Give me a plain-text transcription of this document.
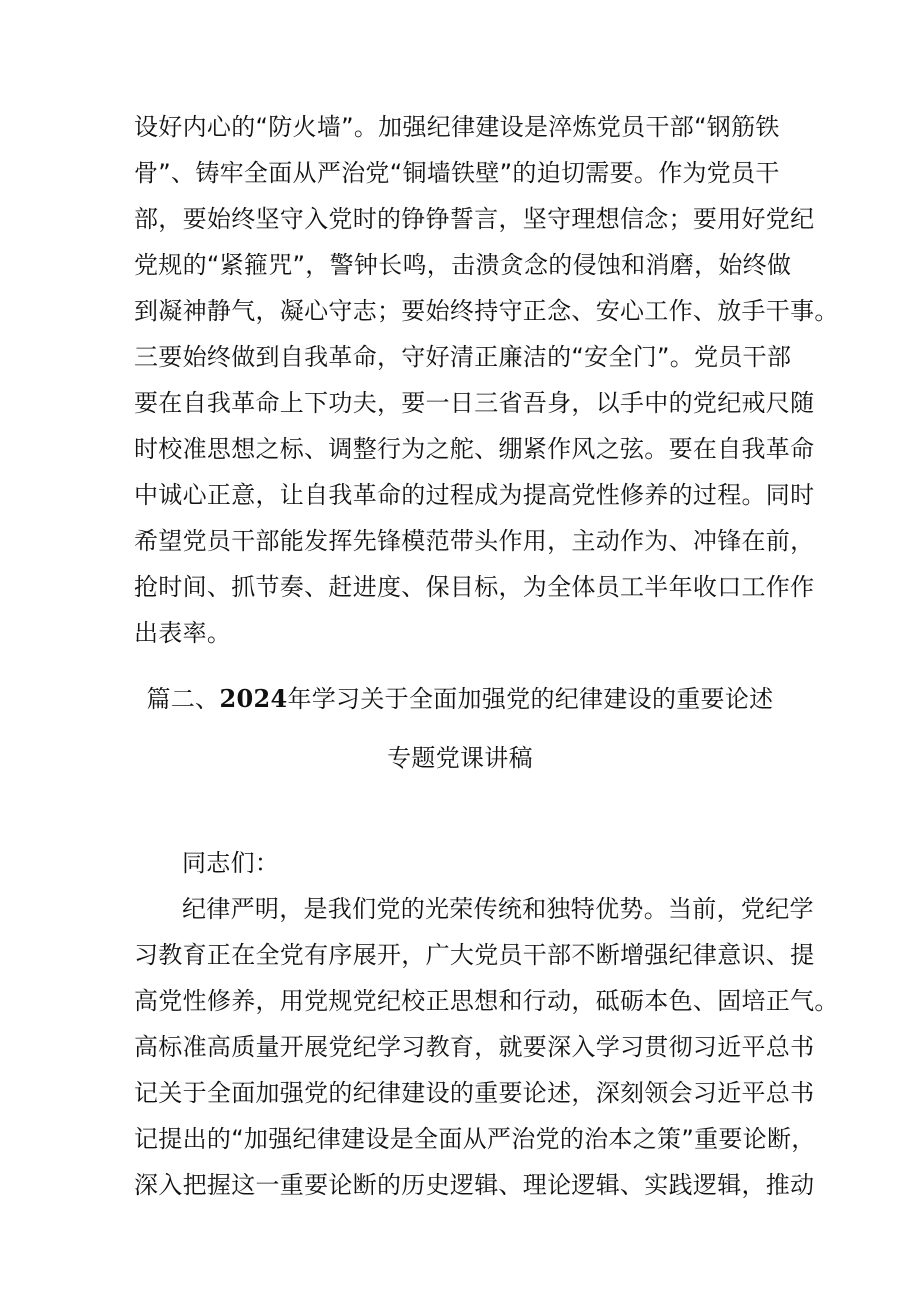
设好内心的“防火墙”。加强纪律建设是淬炼党员干部“钢筋铁
骨”、铸牢全面从严治党“铜墙铁壁”的迫切需要。作为党员干
部，要始终坚守入党时的铮铮誓言，坚守理想信念；要用好党纪
党规的“紧箍咒”，警钟长鸣，击溃贪念的侵蚀和消磨，始终做
到凝神静气，凝心守志；要始终持守正念、安心工作、放手干事。
三要始终做到自我革命，守好清正廉洁的“安全门”。党员干部
要在自我革命上下功夫，要一日三省吾身，以手中的党纪戒尺随
时校准思想之标、调整行为之舵、绷紧作风之弦。要在自我革命
中诚心正意，让自我革命的过程成为提高党性修养的过程。同时
希望党员干部能发挥先锋模范带头作用，主动作为、冲锋在前，
抢时间、抓节奏、赶进度、保目标，为全体员工半年收口工作作
出表率。
篇二、2024年学习关于全面加强党的纪律建设的重要论述
专题党课讲稿
同志们：
纪律严明，是我们党的光荣传统和独特优势。当前，党纪学
习教育正在全党有序展开，广大党员干部不断增强纪律意识、提
高党性修养，用党规党纪校正思想和行动，砥砺本色、固培正气。
高标准高质量开展党纪学习教育，就要深入学习贯彻习近平总书
记关于全面加强党的纪律建设的重要论述，深刻领会习近平总书
记提出的“加强纪律建设是全面从严治党的治本之策”重要论断，
深入把握这一重要论断的历史逻辑、理论逻辑、实践逻辑，推动
